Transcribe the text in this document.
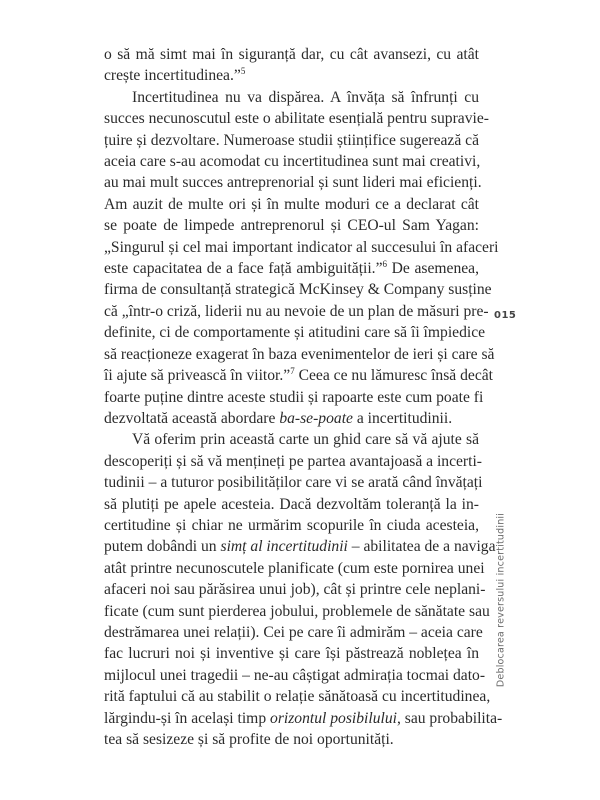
o să mă simt mai în siguranță dar, cu cât avansezi, cu atât
crește incertitudinea.”$^5$
Incertitudinea nu va dispărea. A învăța să înfrunți cu
succes necunoscutul este o abilitate esențială pentru supravie-
țuire și dezvoltare. Numeroase studii științifice sugerează că
aceia care s-au acomodat cu incertitudinea sunt mai creativi,
au mai mult succes antreprenorial și sunt lideri mai eficienți.
Am auzit de multe ori și în multe moduri ce a declarat cât
se poate de limpede antreprenorul și CEO-ul Sam Yagan:
„Singurul și cel mai important indicator al succesului în afaceri
este capacitatea de a face față ambiguității.”$^6$ De asemenea,
firma de consultanță strategică McKinsey & Company susține
că „într-o criză, liderii nu au nevoie de un plan de măsuri pre-
definite, ci de comportamente și atitudini care să îi împiedice
să reacționeze exagerat în baza evenimentelor de ieri și care să
îi ajute să privească în viitor.”$^7$ Ceea ce nu lămuresc însă decât
foarte puține dintre aceste studii și rapoarte este cum poate fi
dezvoltată această abordare ba-se-poate a incertitudinii.
Vă oferim prin această carte un ghid care să vă ajute să
descoperiți și să vă mențineți pe partea avantajoasă a incerti-
tudinii – a tuturor posibilităților care vi se arată când învățați
să plutiți pe apele acesteia. Dacă dezvoltăm toleranță la in-
certitudine și chiar ne urmărim scopurile în ciuda acesteia,
putem dobândi un simț al incertitudinii – abilitatea de a naviga
atât printre necunoscutele planificate (cum este pornirea unei
afaceri noi sau părăsirea unui job), cât și printre cele neplani-
ficate (cum sunt pierderea jobului, problemele de sănătate sau
destrămarea unei relații). Cei pe care îi admirăm – aceia care
fac lucruri noi și inventive și care își păstrează noblețea în
mijlocul unei tragedii – ne-au câștigat admirația tocmai dato-
rită faptului că au stabilit o relație sănătoasă cu incertitudinea,
lărgindu-și în același timp orizontul posibilului, sau probabilita-
tea să sesizeze și să profite de noi oportunități.
015
Deblocarea reversului incertitudinii
